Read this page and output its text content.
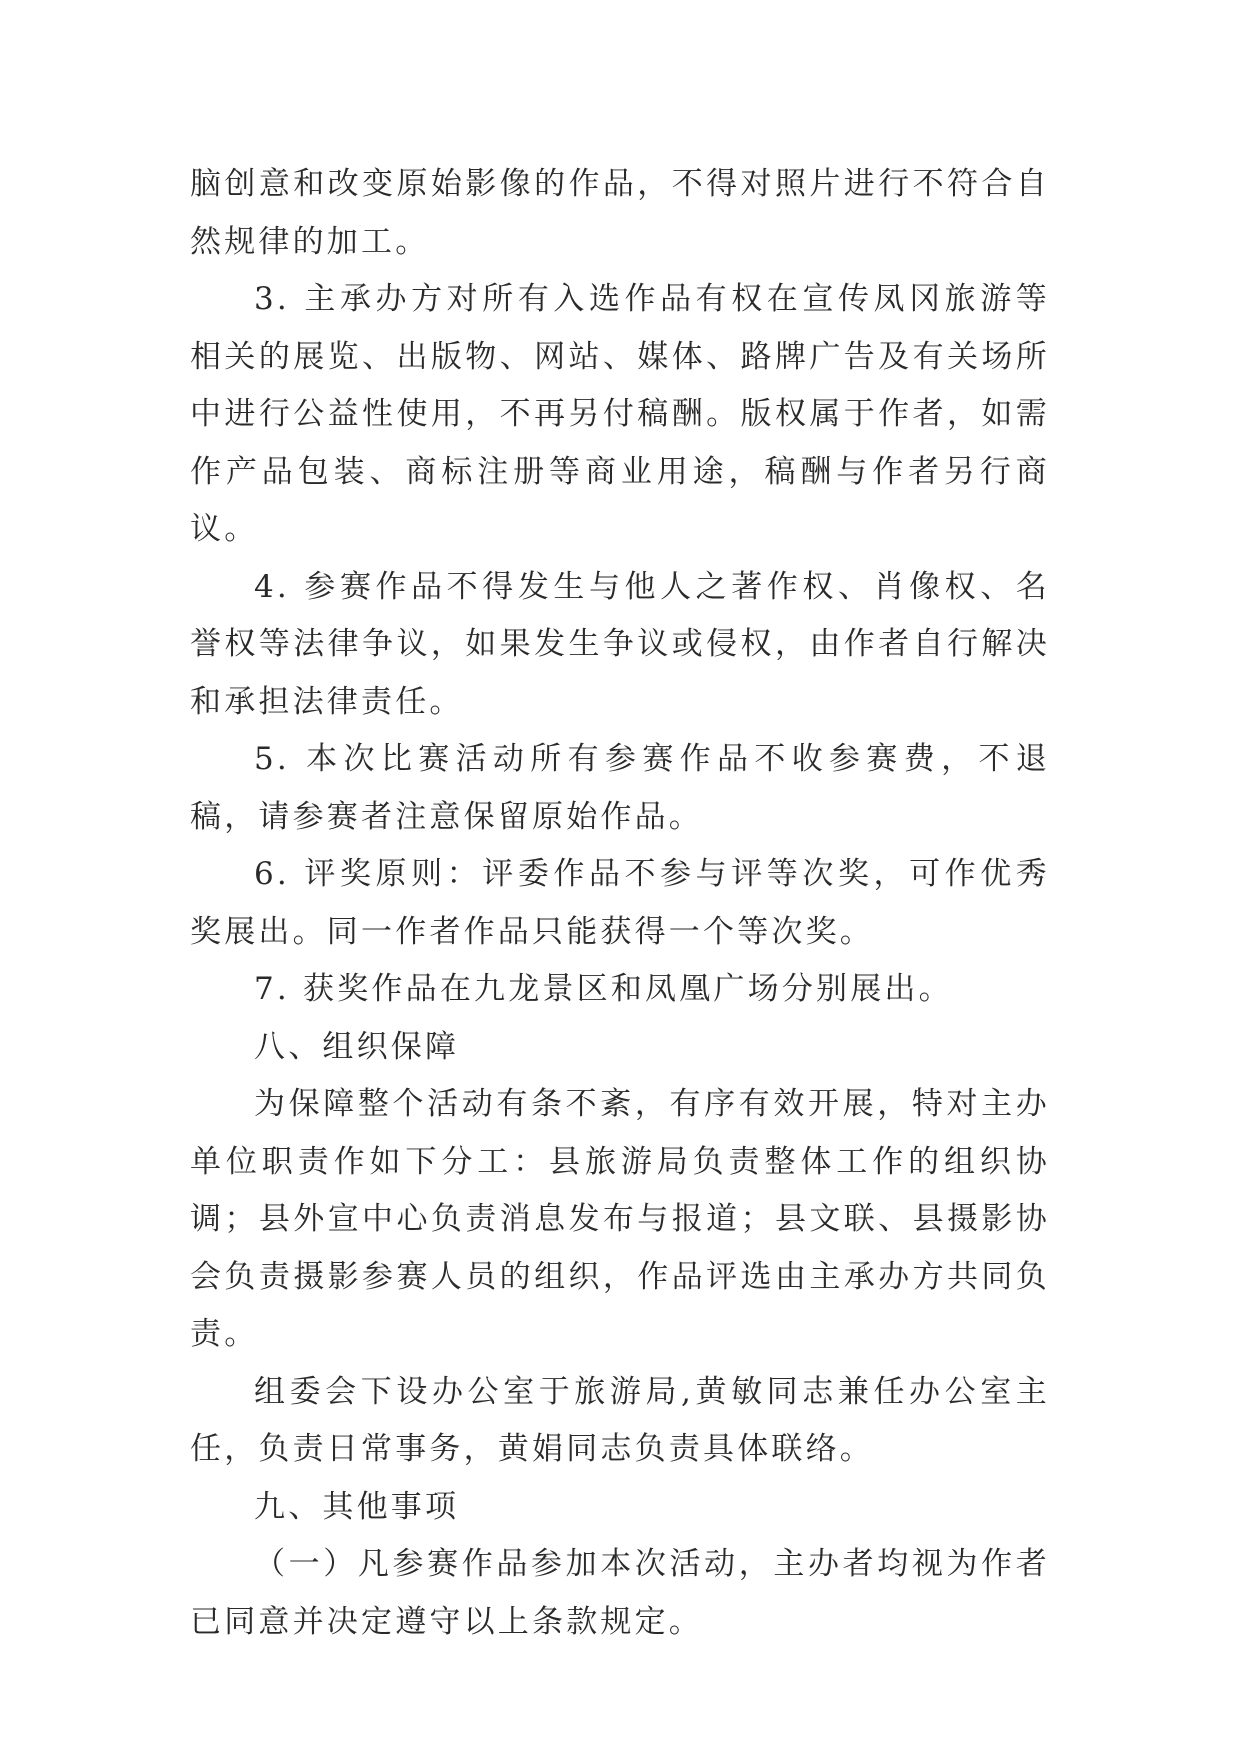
脑创意和改变原始影像的作品，不得对照片进行不符合自然规律的加工。

3. 主承办方对所有入选作品有权在宣传凤冈旅游等相关的展览、出版物、网站、媒体、路牌广告及有关场所中进行公益性使用，不再另付稿酬。版权属于作者，如需作产品包装、商标注册等商业用途，稿酬与作者另行商议。

4. 参赛作品不得发生与他人之著作权、肖像权、名誉权等法律争议，如果发生争议或侵权，由作者自行解决和承担法律责任。

5. 本次比赛活动所有参赛作品不收参赛费，不退稿，请参赛者注意保留原始作品。

6. 评奖原则：评委作品不参与评等次奖，可作优秀奖展出。同一作者作品只能获得一个等次奖。

7. 获奖作品在九龙景区和凤凰广场分别展出。

八、组织保障

为保障整个活动有条不紊，有序有效开展，特对主办单位职责作如下分工：县旅游局负责整体工作的组织协调；县外宣中心负责消息发布与报道；县文联、县摄影协会负责摄影参赛人员的组织，作品评选由主承办方共同负责。

组委会下设办公室于旅游局,黄敏同志兼任办公室主任，负责日常事务，黄娟同志负责具体联络。

九、其他事项

（一）凡参赛作品参加本次活动，主办者均视为作者已同意并决定遵守以上条款规定。
